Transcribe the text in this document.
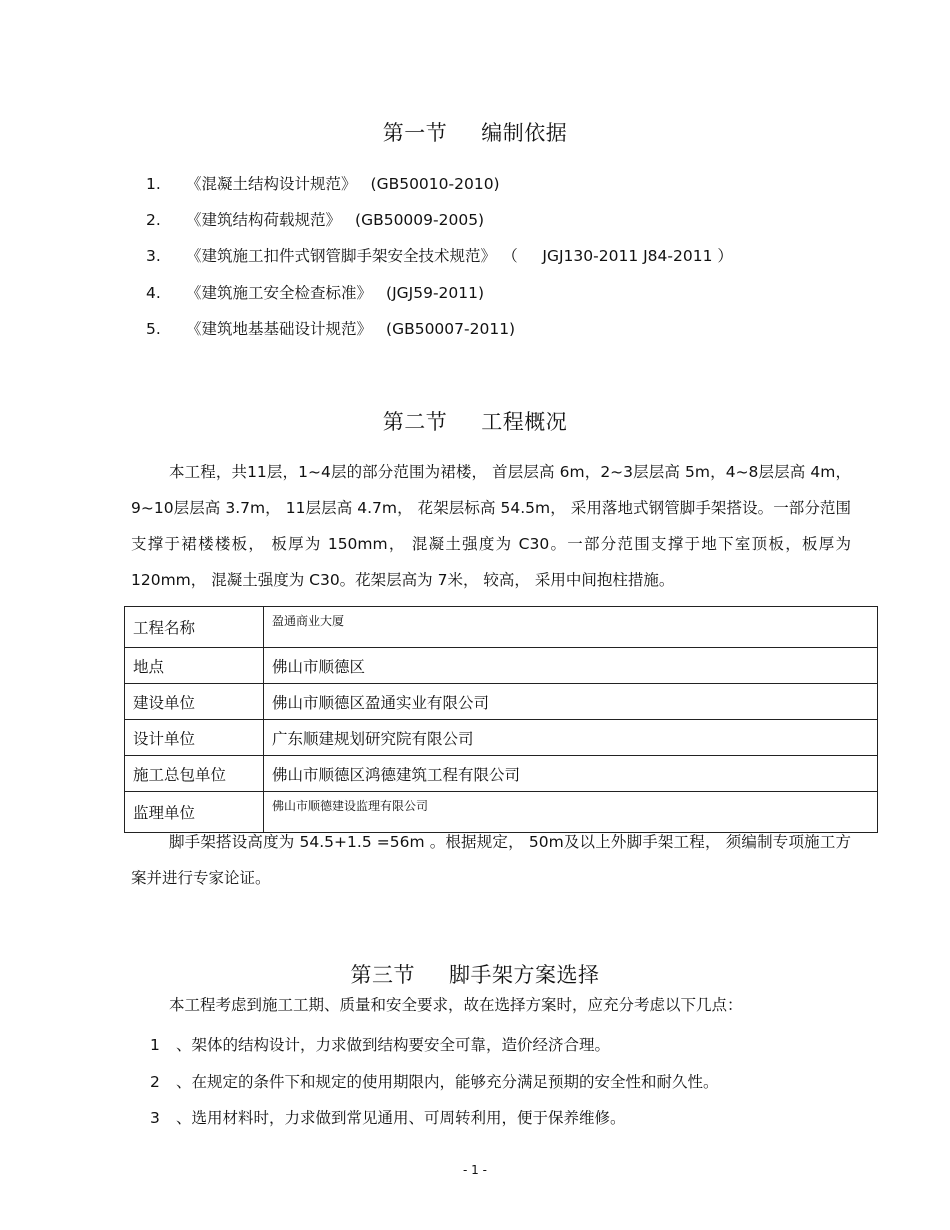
第一节 编制依据
1. 《混凝土结构设计规范》 (GB50010-2010)
2. 《建筑结构荷载规范》 (GB50009-2005)
3. 《建筑施工扣件式钢管脚手架安全技术规范》 （     JGJ130-2011 J84-2011 ）
4. 《建筑施工安全检查标准》 (JGJ59-2011)
5. 《建筑地基基础设计规范》 (GB50007-2011)
第二节 工程概况

本工程，共11层，1~4层的部分范围为裙楼， 首层层高 6m，2~3层层高 5m，4~8层层高 4m，9~10层层高 3.7m， 11层层高 4.7m， 花架层标高 54.5m， 采用落地式钢管脚手架搭设。一部分范围支撑于裙楼楼板， 板厚为 150mm， 混凝土强度为 C30。一部分范围支撑于地下室顶板，板厚为 120mm， 混凝土强度为 C30。花架层高为 7米， 较高， 采用中间抱柱措施。

工程名称	盈通商业大厦
地点	佛山市顺德区
建设单位	佛山市顺德区盈通实业有限公司
设计单位	广东顺建规划研究院有限公司
施工总包单位	佛山市顺德区鸿德建筑工程有限公司
监理单位	佛山市顺德建设监理有限公司

脚手架搭设高度为 54.5+1.5 =56m 。根据规定， 50m及以上外脚手架工程， 须编制专项施工方案并进行专家论证。

第三节 脚手架方案选择

本工程考虑到施工工期、质量和安全要求，故在选择方案时，应充分考虑以下几点：

1 、架体的结构设计，力求做到结构要安全可靠，造价经济合理。
2 、在规定的条件下和规定的使用期限内，能够充分满足预期的安全性和耐久性。
3 、选用材料时，力求做到常见通用、可周转利用，便于保养维修。
- 1 -
